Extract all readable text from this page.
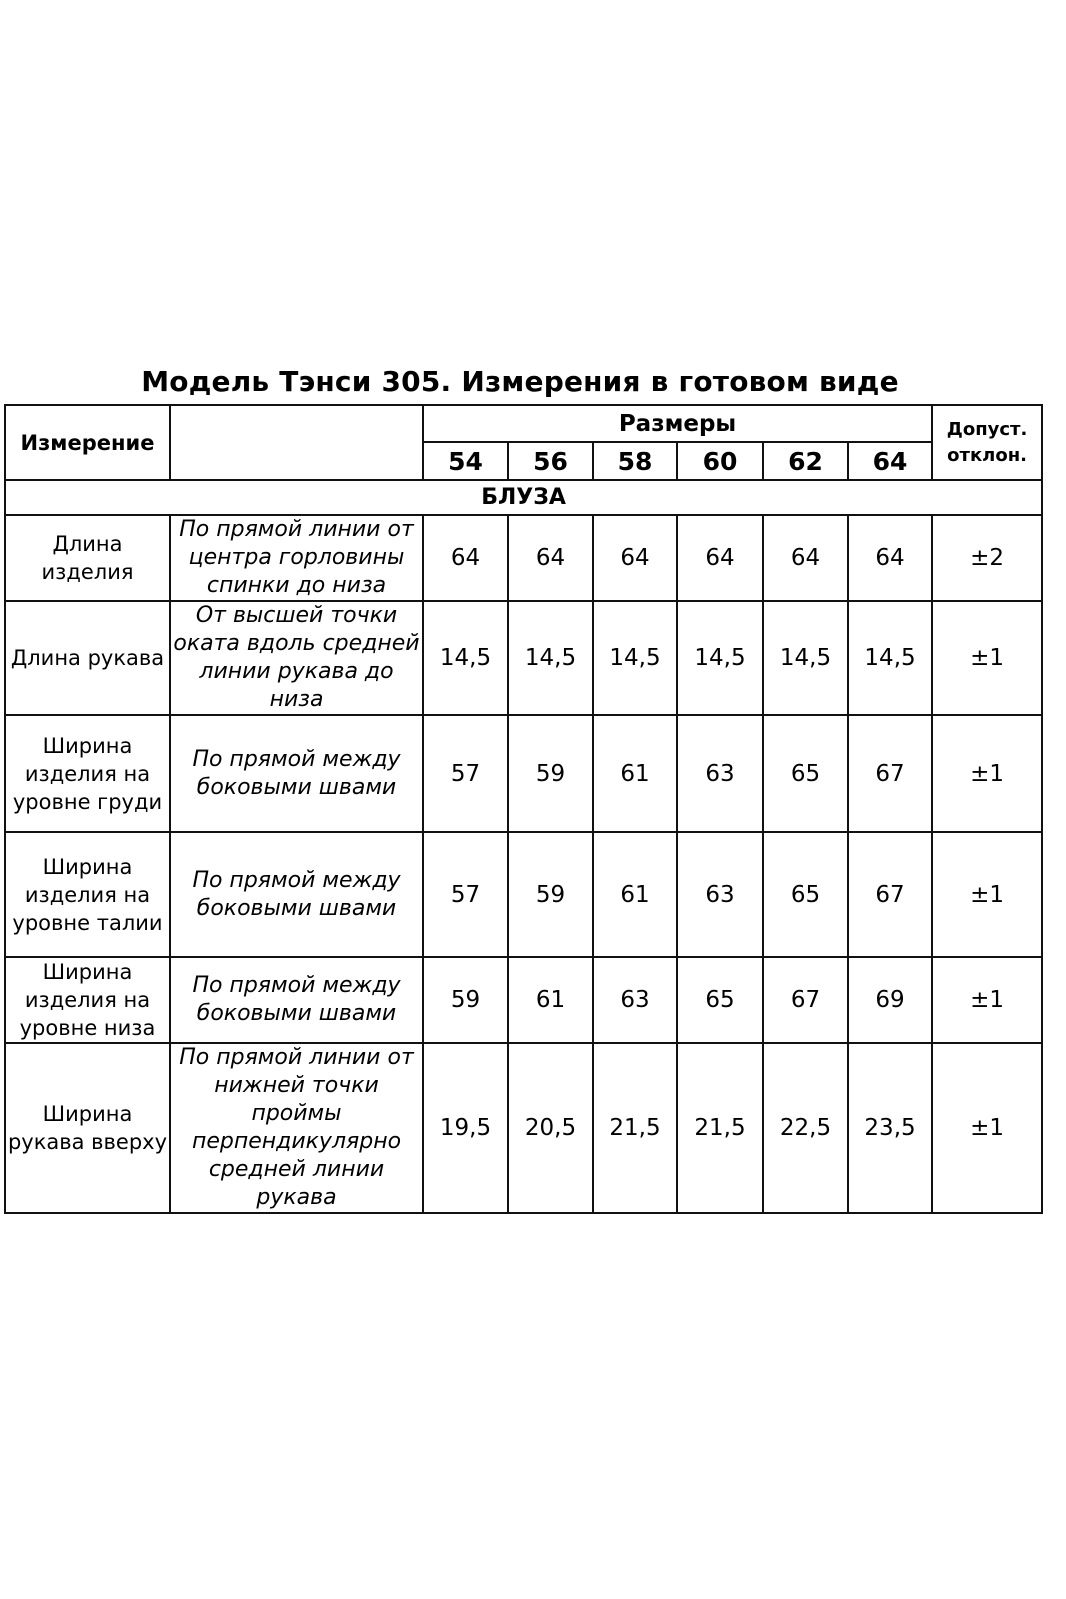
Модель Тэнси 305. Измерения в готовом виде
Измерение		Размеры						Допуст. отклон.
		54	56	58	60	62	64	
БЛУЗА								
Длина изделия	По прямой линии от центра горловины спинки до низа	64	64	64	64	64	64	±2
Длина рукава	От высшей точки оката вдоль средней линии рукава до низа	14,5	14,5	14,5	14,5	14,5	14,5	±1
Ширина изделия на уровне груди	По прямой между боковыми швами	57	59	61	63	65	67	±1
Ширина изделия на уровне талии	По прямой между боковыми швами	57	59	61	63	65	67	±1
Ширина изделия на уровне низа	По прямой между боковыми швами	59	61	63	65	67	69	±1
Ширина рукава вверху	По прямой линии от нижней точки проймы перпендикулярно средней линии рукава	19,5	20,5	21,5	21,5	22,5	23,5	±1
